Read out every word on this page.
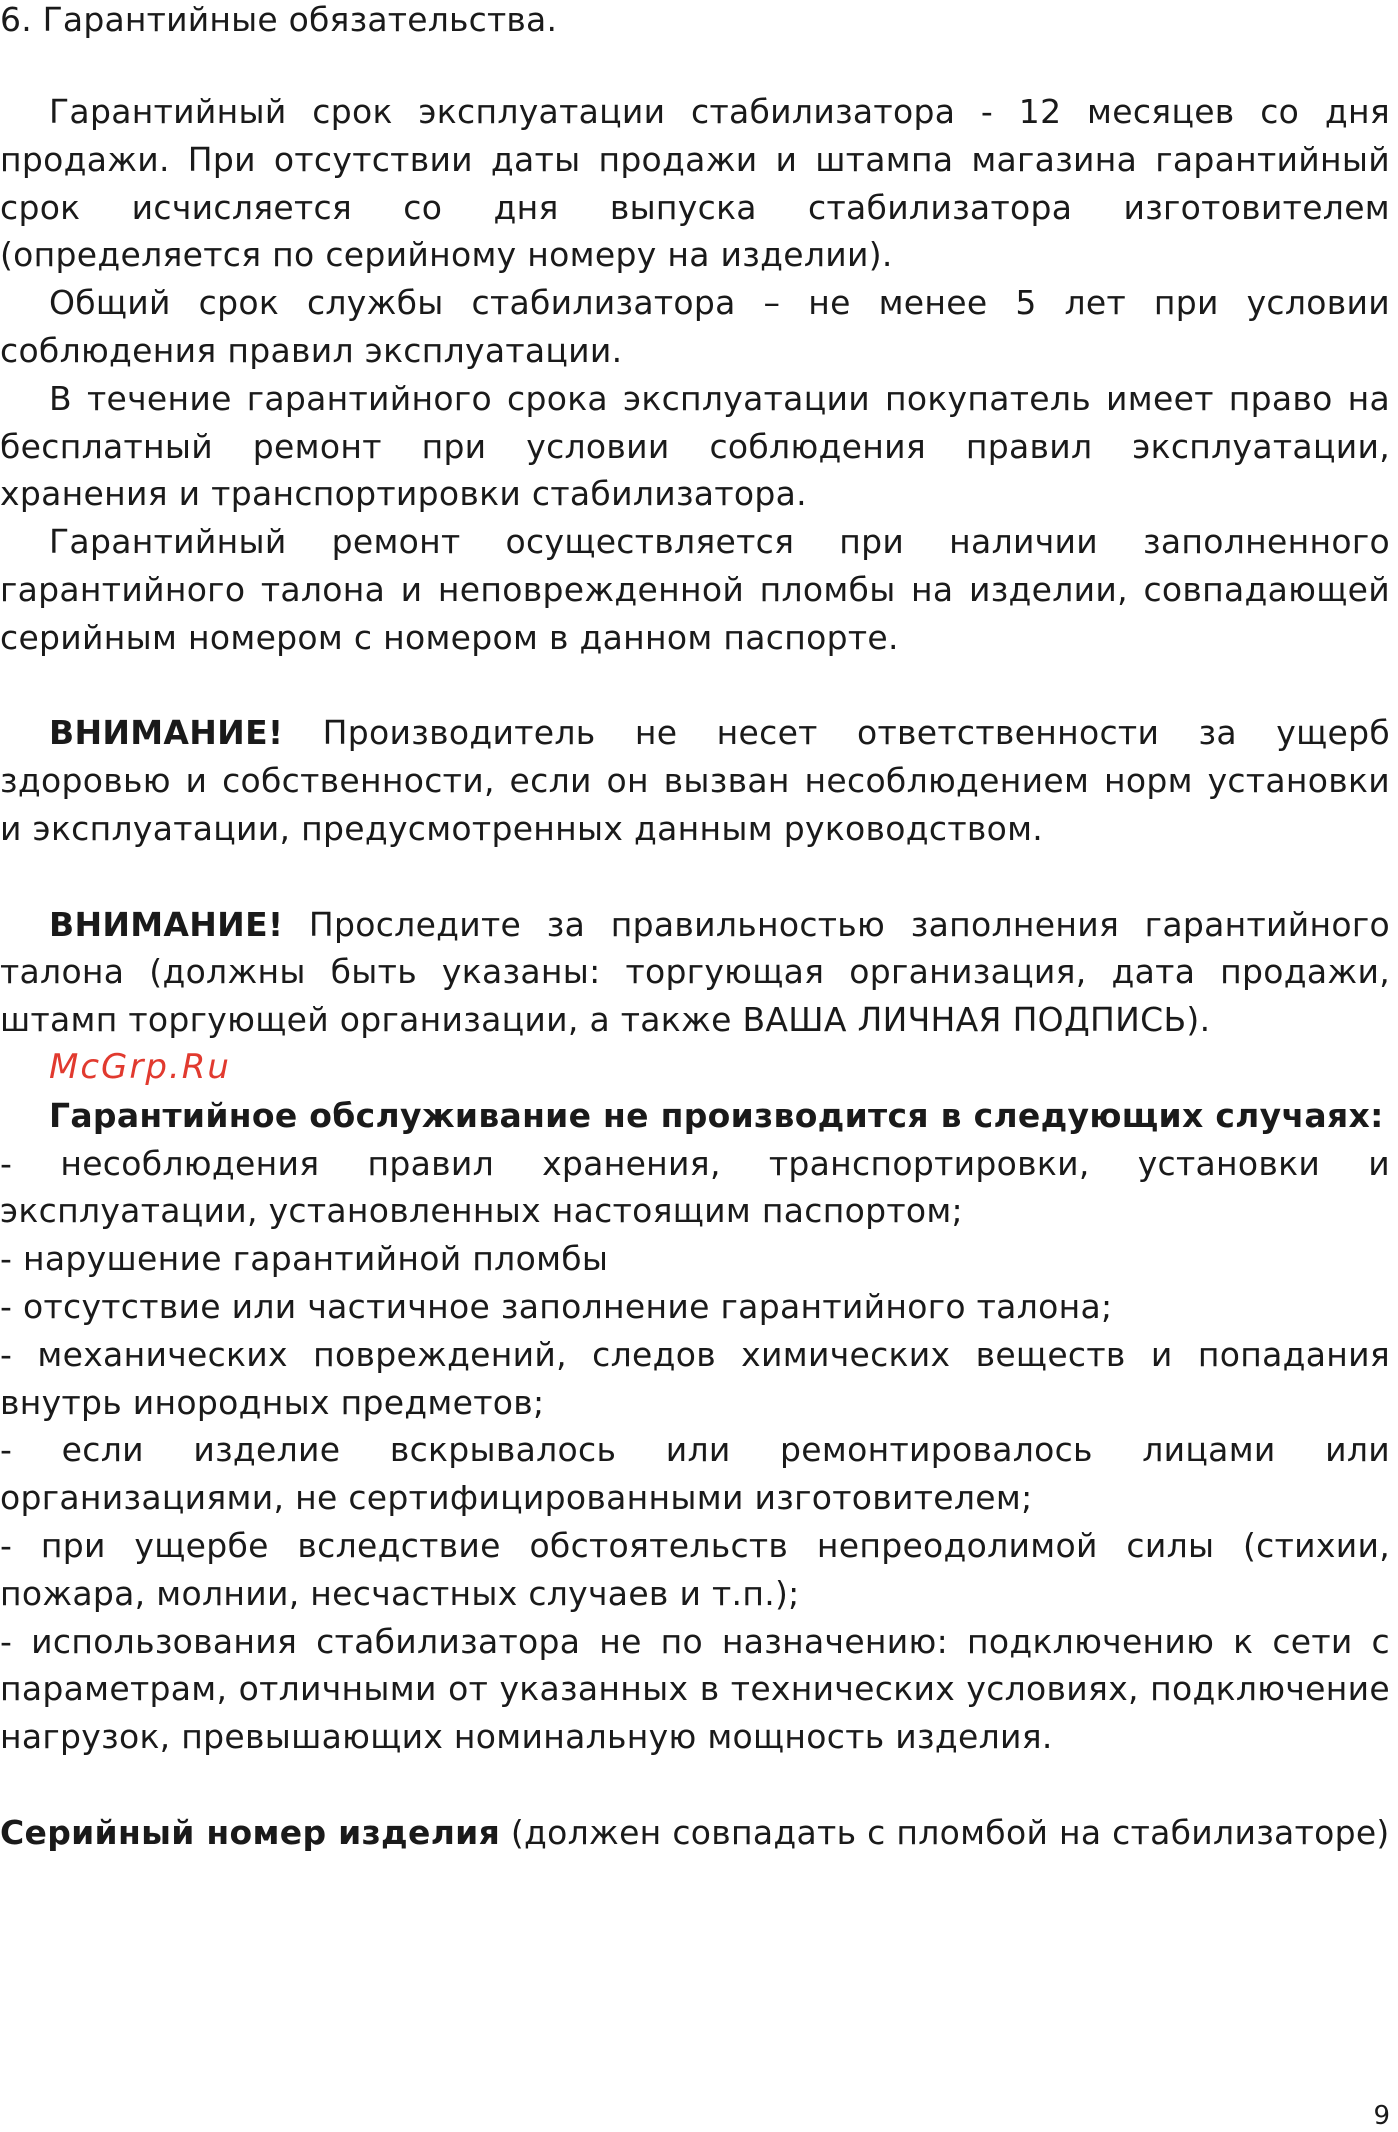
6. Гарантийные обязательства.

Гарантийный срок эксплуатации стабилизатора - 12 месяцев со дня продажи. При отсутствии даты продажи и штампа магазина гарантийный срок исчисляется со дня выпуска стабилизатора изготовителем (определяется по серийному номеру на изделии).

Общий срок службы стабилизатора – не менее 5 лет при условии соблюдения правил эксплуатации.

В течение гарантийного срока эксплуатации покупатель имеет право на бесплатный ремонт при условии соблюдения правил эксплуатации, хранения и транспортировки стабилизатора.

Гарантийный ремонт осуществляется при наличии заполненного гарантийного талона и неповрежденной пломбы на изделии, совпадающей серийным номером с номером в данном паспорте.

ВНИМАНИЕ! Производитель не несет ответственности за ущерб здоровью и собственности, если он вызван несоблюдением норм установки и эксплуатации, предусмотренных данным руководством.

ВНИМАНИЕ! Проследите за правильностью заполнения гарантийного талона (должны быть указаны: торгующая организация, дата продажи, штамп торгующей организации, а также ВАША ЛИЧНАЯ ПОДПИСЬ).

McGrp.Ru

Гарантийное обслуживание не производится в следующих случаях:

- несоблюдения правил хранения, транспортировки, установки и эксплуатации, установленных настоящим паспортом;
- нарушение гарантийной пломбы
- отсутствие или частичное заполнение гарантийного талона;
- механических повреждений, следов химических веществ и попадания внутрь инородных предметов;
- если изделие вскрывалось или ремонтировалось лицами или организациями, не сертифицированными изготовителем;
- при ущербе вследствие обстоятельств непреодолимой силы (стихии, пожара, молнии, несчастных случаев и т.п.);
- использования стабилизатора не по назначению: подключению к сети с параметрам, отличными от указанных в технических условиях, подключение нагрузок, превышающих номинальную мощность изделия.

Серийный номер изделия (должен совпадать с пломбой на стабилизаторе)

9
